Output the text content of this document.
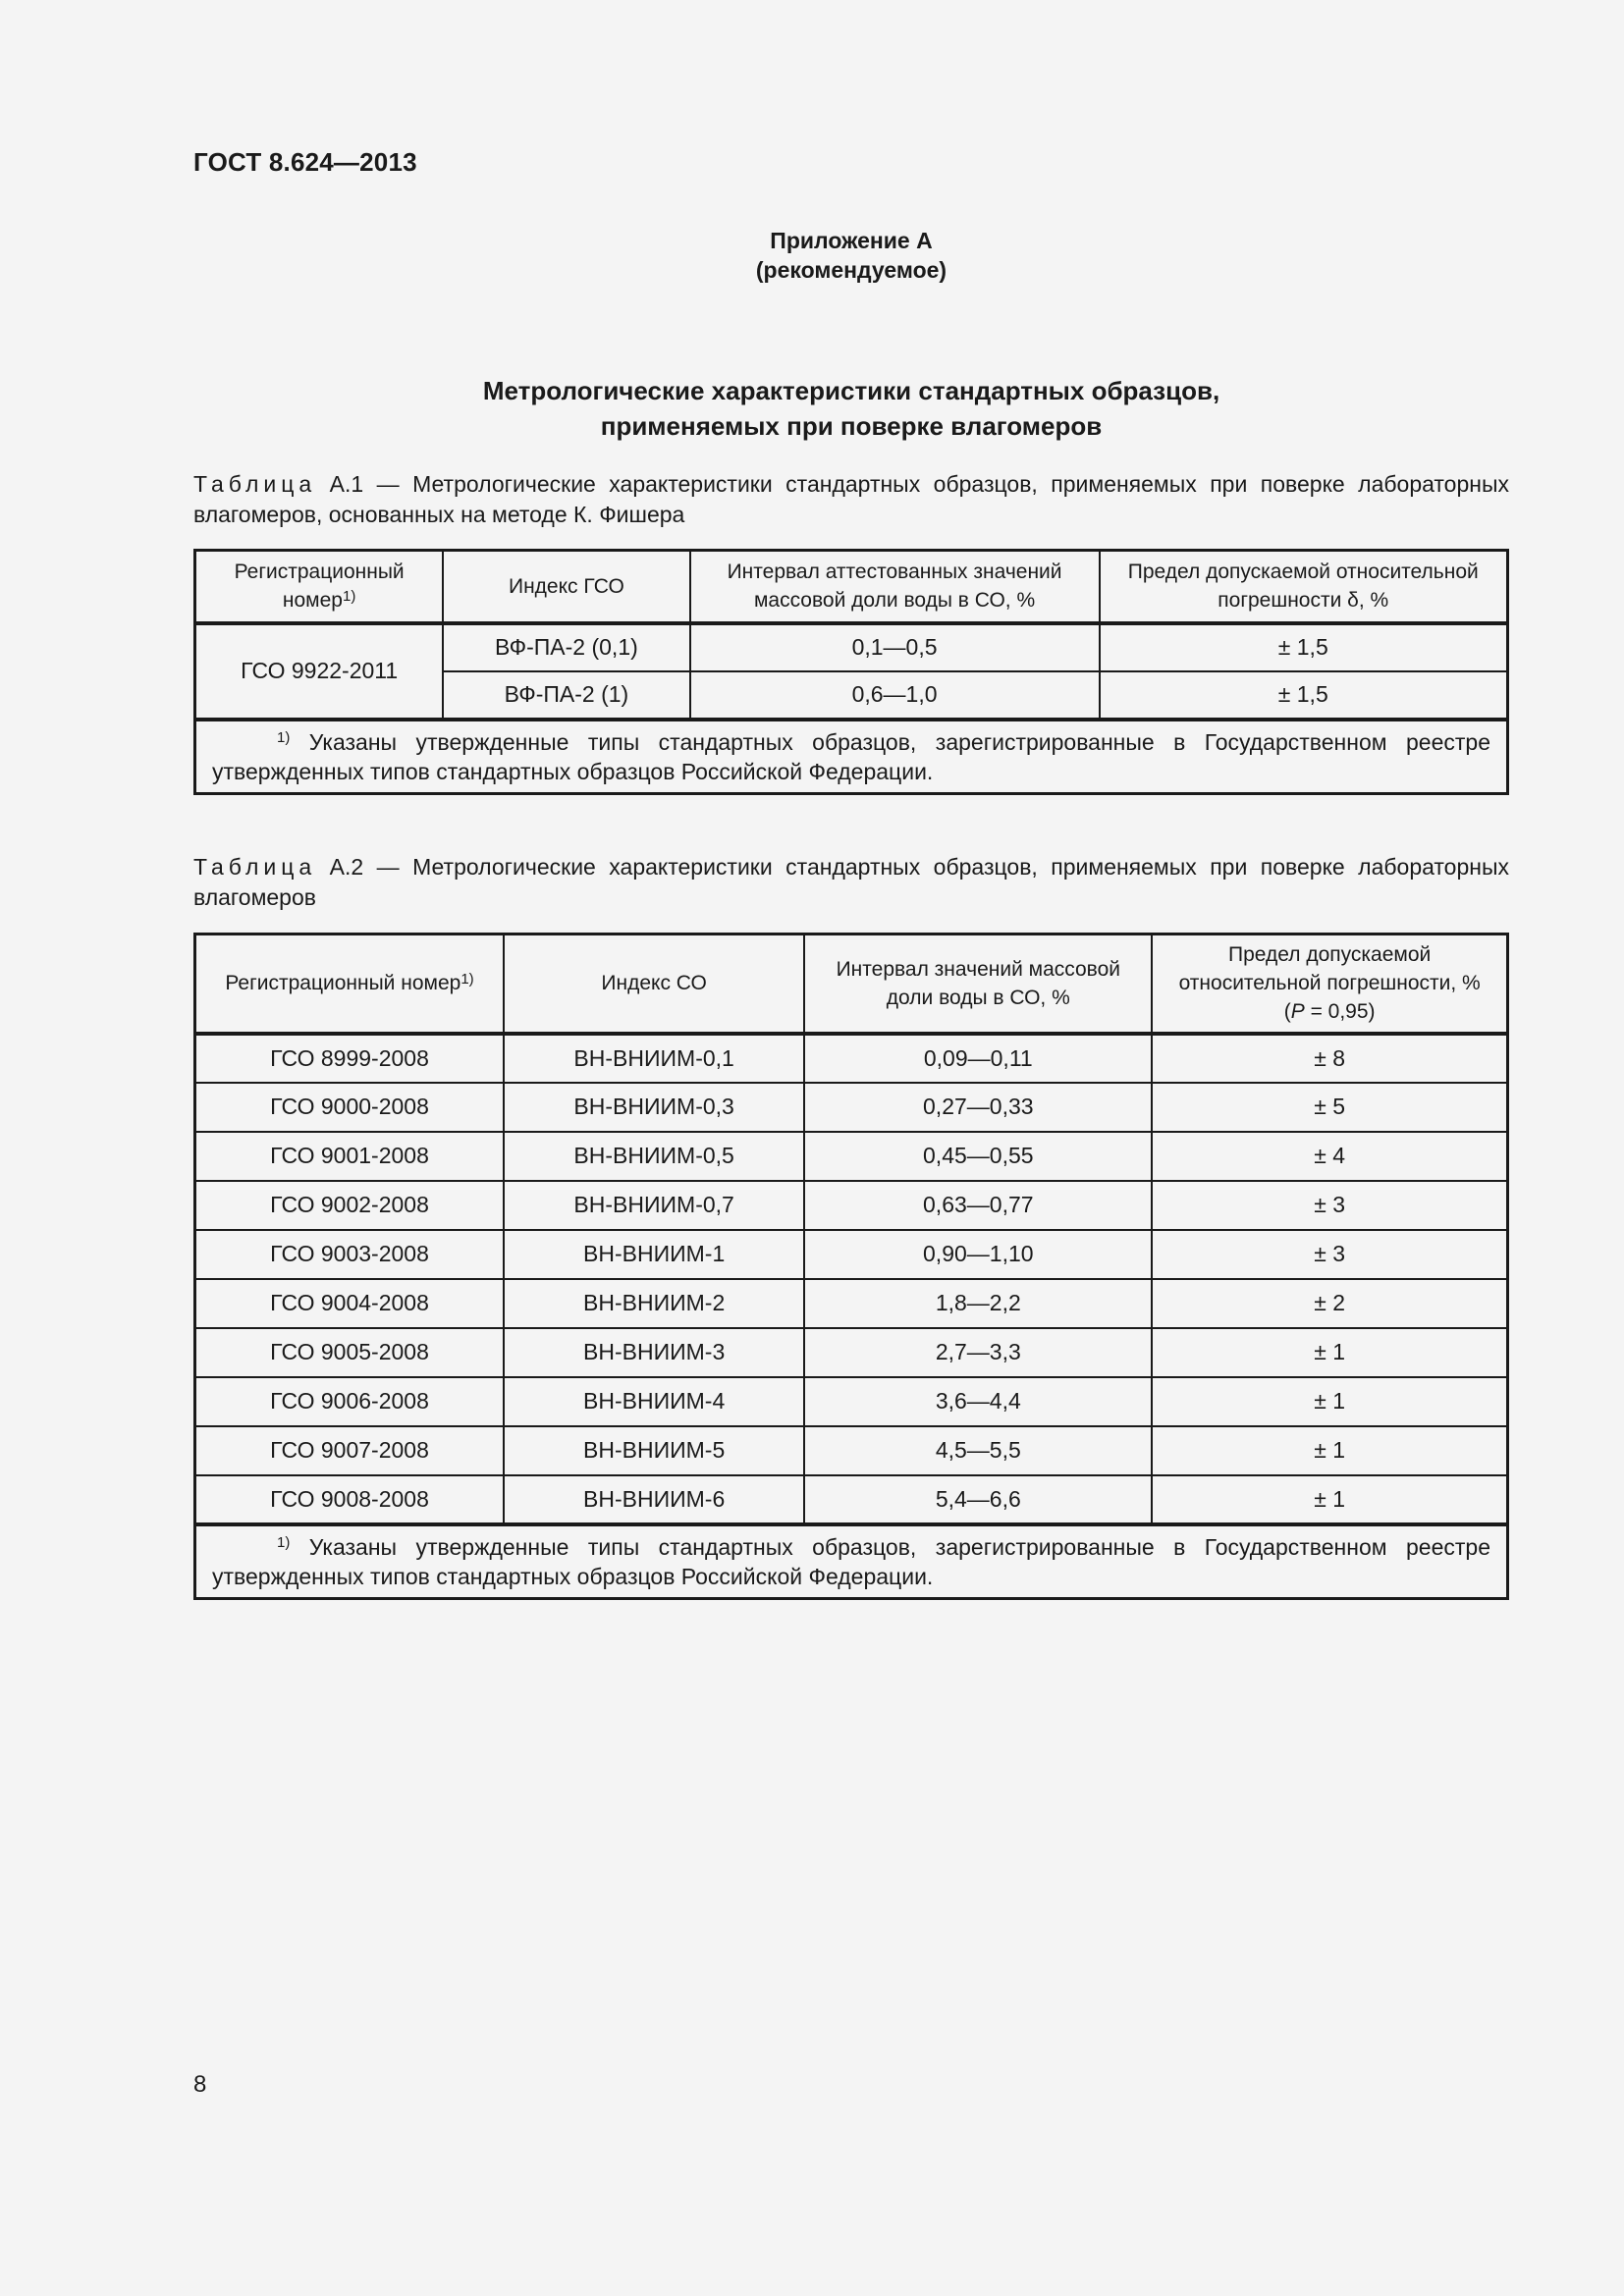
ГОСТ 8.624—2013
Приложение А
(рекомендуемое)
Метрологические характеристики стандартных образцов,
применяемых при поверке влагомеров
Таблица А.1 — Метрологические характеристики стандартных образцов, применяемых при поверке лабораторных влагомеров, основанных на методе К. Фишера
Регистрационный номер$^{1)}$	Индекс ГСО	Интервал аттестованных значений массовой доли воды в СО, %	Предел допускаемой относительной погрешности δ, %
ГСО 9922-2011	ВФ-ПА-2 (0,1)	0,1—0,5	± 1,5
	ВФ-ПА-2 (1)	0,6—1,0	± 1,5
$^{1)}$ Указаны утвержденные типы стандартных образцов, зарегистрированные в Государственном реестре утвержденных типов стандартных образцов Российской Федерации.			
Таблица А.2 — Метрологические характеристики стандартных образцов, применяемых при поверке лабораторных влагомеров
Регистрационный номер$^{1)}$	Индекс СО	Интервал значений массовой доли воды в СО, %	Предел допускаемой относительной погрешности, %
(P = 0,95)
ГСО 8999-2008	ВН-ВНИИМ-0,1	0,09—0,11	± 8
ГСО 9000-2008	ВН-ВНИИМ-0,3	0,27—0,33	± 5
ГСО 9001-2008	ВН-ВНИИМ-0,5	0,45—0,55	± 4
ГСО 9002-2008	ВН-ВНИИМ-0,7	0,63—0,77	± 3
ГСО 9003-2008	ВН-ВНИИМ-1	0,90—1,10	± 3
ГСО 9004-2008	ВН-ВНИИМ-2	1,8—2,2	± 2
ГСО 9005-2008	ВН-ВНИИМ-3	2,7—3,3	± 1
ГСО 9006-2008	ВН-ВНИИМ-4	3,6—4,4	± 1
ГСО 9007-2008	ВН-ВНИИМ-5	4,5—5,5	± 1
ГСО 9008-2008	ВН-ВНИИМ-6	5,4—6,6	± 1
$^{1)}$ Указаны утвержденные типы стандартных образцов, зарегистрированные в Государственном реестре утвержденных типов стандартных образцов Российской Федерации.			
8
